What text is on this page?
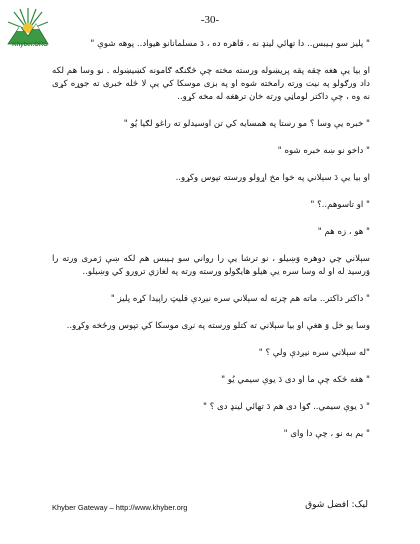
Khyber.ORG
-30-

" پلیز سو ہیبس.. دا تهائي لینډ نه ، قاهره ده ، دَ مسلمانانو هیواد.. پوهه شوې "

او بیا یې هغه چقه پقه پریښوله ورسته مخته چې څګنګه ګامونه کښیښوله . نو وسا هم لکه داد ورګولو په نیت ورته رامخته شوه او په بزی موسکا کي یې لا څله خبری ته جوړه کړی نه وه ، چې داکتر لوماڼي ورته خان ترهغه له مخه کړو..

" خبره یې وسا ؟ مو رستا په همسایه کي تن اوسیدلو ته راغو لګیا یُو "

" داخو نو ښه خبره شوه "

او بیا یې دَ سېلاني په خوا مخ اړولو ورسته تپوس وکړو..

" او تاسوهم..؟ "

" هو ، زه هم "

سېلاني چي دوهره وَښیلو ، نو ترشا یې را رواني سو ہیبس هم لکه ښې ژمری ورته را وَرسید له او له وسا سره یې هیلو هایګولو ورسته ورته په لغازي ترورو کي وښیلو..

" داکتر داکتر.. ماته هم چرته له سېلاني سره نیږدې فلیټ راپیدا کړه پلیز "

وسا یو خل وَ هغې او بیا سېلاني ته کتلو ورسته په نږی موسکا کي تپوس ورځخه وکړو..

"له سېلاني سره نیږدې ولې ؟ "

" هغه څکه چې ما او دی دَ یوې سیمي یُو "

" دَ یوې سیمي.. ګوا دی هم دَ تهائي لینډ دی ؟ "

" یم به نو ، چې دا وای "

Khyber Gateway – http://www.khyber.org	لیک: افضل شوق
